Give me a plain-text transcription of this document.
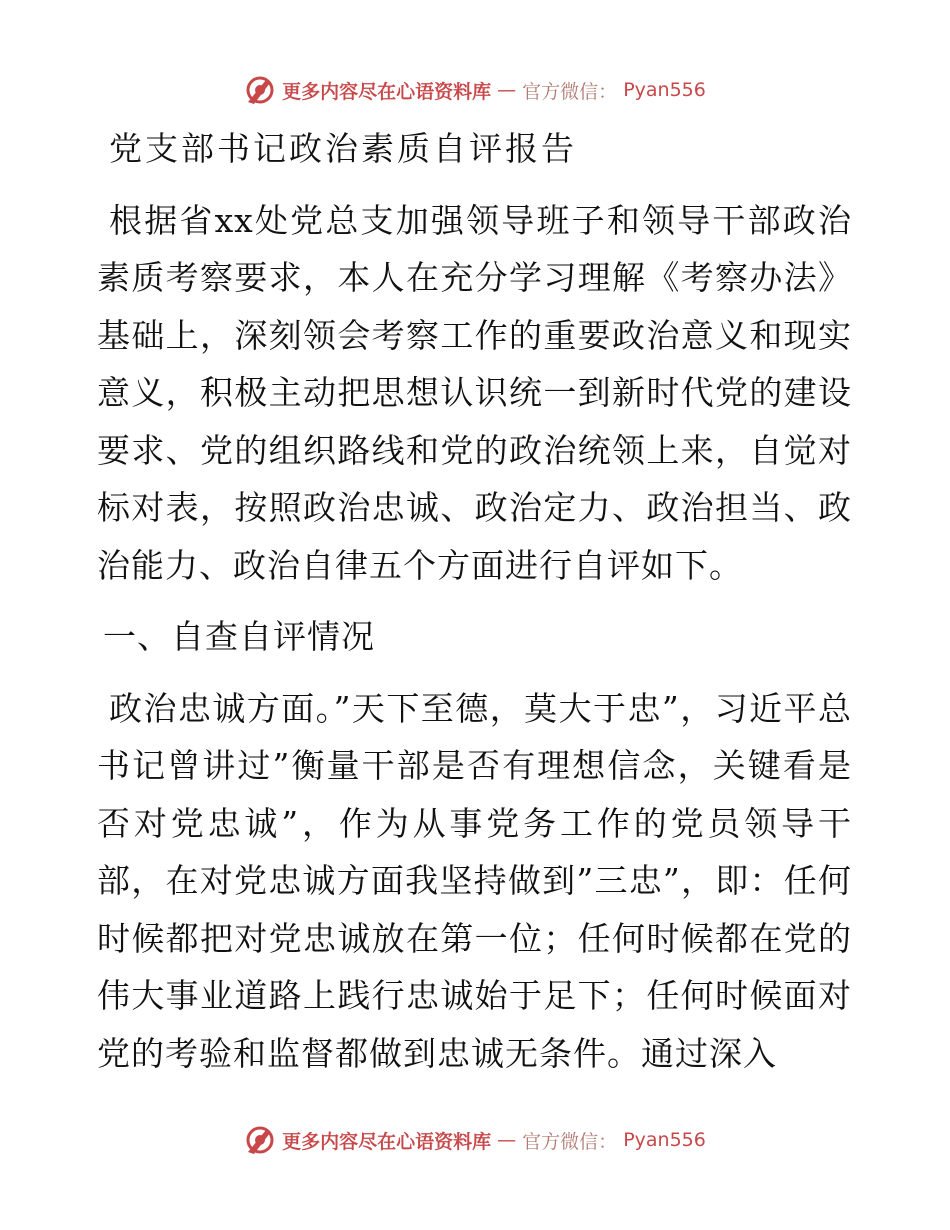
更多内容尽在心语资料库 — 官方微信： Pyan556
党支部书记政治素质自评报告

根据省xx处党总支加强领导班子和领导干部政治素质考察要求，本人在充分学习理解《考察办法》基础上，深刻领会考察工作的重要政治意义和现实意义，积极主动把思想认识统一到新时代党的建设要求、党的组织路线和党的政治统领上来，自觉对标对表，按照政治忠诚、政治定力、政治担当、政治能力、政治自律五个方面进行自评如下。

一、自查自评情况

政治忠诚方面。”天下至德，莫大于忠”，习近平总书记曾讲过”衡量干部是否有理想信念，关键看是否对党忠诚”，作为从事党务工作的党员领导干部，在对党忠诚方面我坚持做到”三忠”，即：任何时候都把对党忠诚放在第一位；任何时候都在党的伟大事业道路上践行忠诚始于足下；任何时候面对党的考验和监督都做到忠诚无条件。通过深入

更多内容尽在心语资料库 — 官方微信： Pyan556
